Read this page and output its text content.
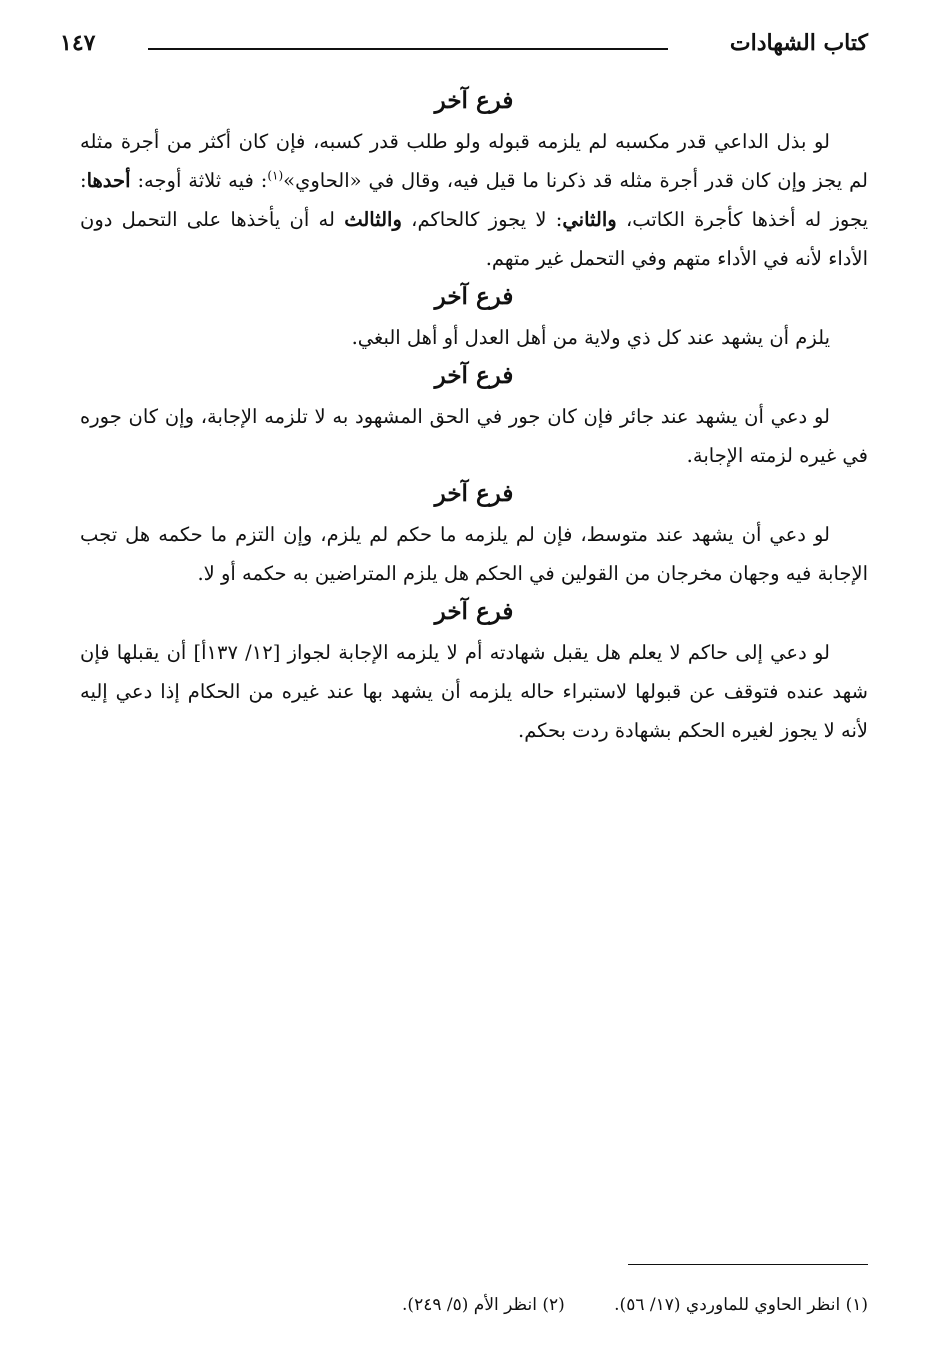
كتاب الشهادات
١٤٧
فرع آخر

لو بذل الداعي قدر مكسبه لم يلزمه قبوله ولو طلب قدر كسبه، فإن كان أكثر من أجرة مثله لم يجز وإن كان قدر أجرة مثله قد ذكرنا ما قيل فيه، وقال في «الحاوي»$^{(١)}$: فيه ثلاثة أوجه: أحدها: يجوز له أخذها كأجرة الكاتب، والثاني: لا يجوز كالحاكم، والثالث له أن يأخذها على التحمل دون الأداء لأنه في الأداء متهم وفي التحمل غير متهم.

فرع آخر

يلزم أن يشهد عند كل ذي ولاية من أهل العدل أو أهل البغي.

فرع آخر

لو دعي أن يشهد عند جائر فإن كان جور في الحق المشهود به لا تلزمه الإجابة، وإن كان جوره في غيره لزمته الإجابة.

فرع آخر

لو دعي أن يشهد عند متوسط، فإن لم يلزمه ما حكم لم يلزم، وإن التزم ما حكمه هل تجب الإجابة فيه وجهان مخرجان من القولين في الحكم هل يلزم المتراضين به حكمه أو لا.

فرع آخر

لو دعي إلى حاكم لا يعلم هل يقبل شهادته أم لا يلزمه الإجابة لجواز [١٢/ ١٣٧أ] أن يقبلها فإن شهد عنده فتوقف عن قبولها لاستبراء حاله يلزمه أن يشهد بها عند غيره من الحكام إذا دعي إليه لأنه لا يجوز لغيره الحكم بشهادة ردت بحكم.

(١) انظر الحاوي للماوردي (١٧/ ٥٦). (٢) انظر الأم (٥/ ٢٤٩).
